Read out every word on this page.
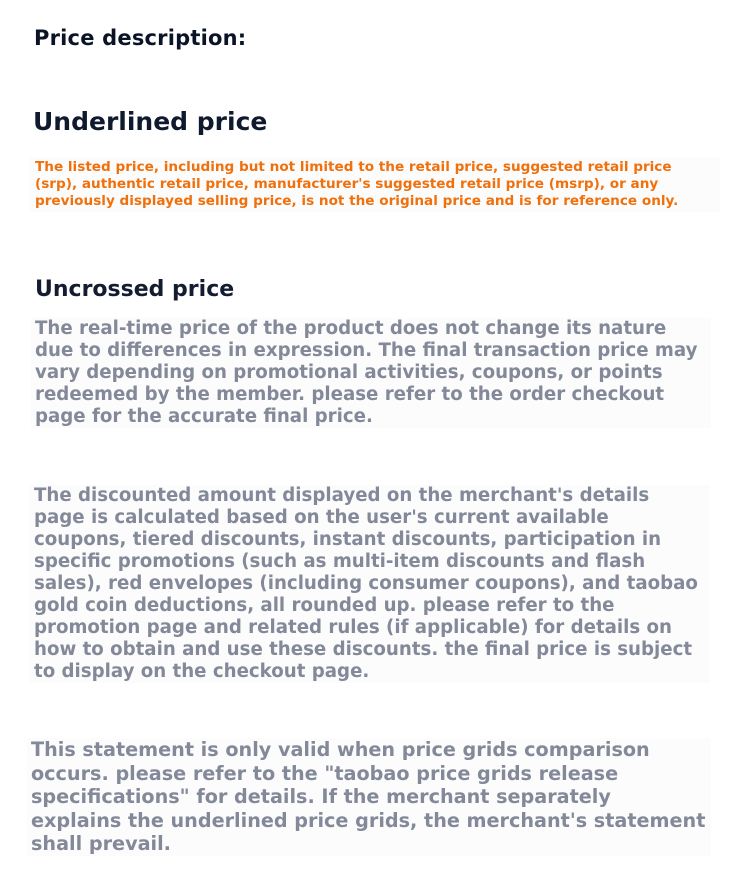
Price description:
Underlined price

The listed price, including but not limited to the retail price, suggested retail price (srp), authentic retail price, manufacturer's suggested retail price (msrp), or any previously displayed selling price, is not the original price and is for reference only.

Uncrossed price

The real-time price of the product does not change its nature due to differences in expression. The final transaction price may vary depending on promotional activities, coupons, or points redeemed by the member. please refer to the order checkout page for the accurate final price.

The discounted amount displayed on the merchant's details page is calculated based on the user's current available coupons, tiered discounts, instant discounts, participation in specific promotions (such as multi-item discounts and flash sales), red envelopes (including consumer coupons), and taobao gold coin deductions, all rounded up. please refer to the promotion page and related rules (if applicable) for details on how to obtain and use these discounts. the final price is subject to display on the checkout page.

This statement is only valid when price grids comparison occurs. please refer to the "taobao price grids release specifications" for details. If the merchant separately explains the underlined price grids, the merchant's statement shall prevail.
